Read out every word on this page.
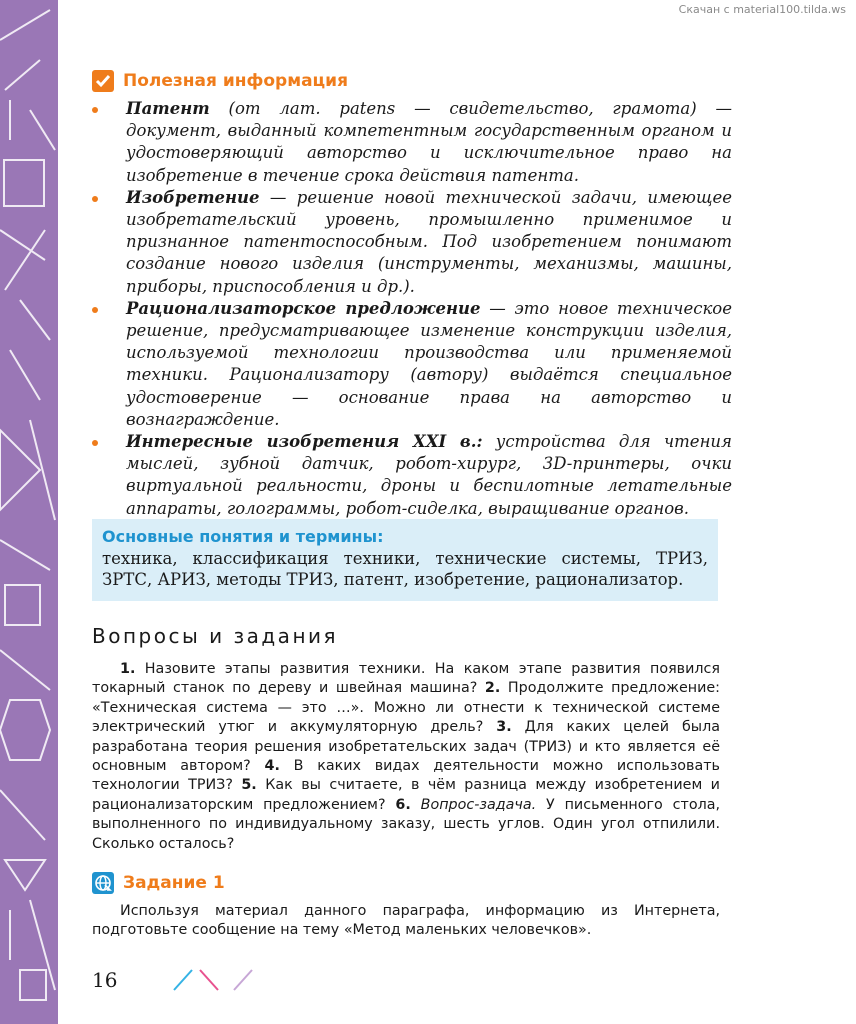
Скачан с material100.tilda.ws
Полезная информация
Патент (от лат. patens — свидетельство, грамота) — документ, выданный компетентным государственным органом и удостоверяющий авторство и исключительное право на изобретение в течение срока действия патента.
Изобретение — решение новой технической задачи, имеющее изобретательский уровень, промышленно применимое и признанное патентоспособным. Под изобретением понимают создание нового изделия (инструменты, механизмы, машины, приборы, приспособления и др.).
Рационализаторское предложение — это новое техническое решение, предусматривающее изменение конструкции изделия, используемой технологии производства или применяемой техники. Рационализатору (автору) выдаётся специальное удостоверение — основание права на авторство и вознаграждение.
Интересные изобретения XXI в.: устройства для чтения мыслей, зубной датчик, робот-хирург, 3D-принтеры, очки виртуальной реальности, дроны и беспилотные летательные аппараты, голограммы, робот-сиделка, выращивание органов.
Основные понятия и термины:
техника, классификация техники, технические системы, ТРИЗ, ЗРТС, АРИЗ, методы ТРИЗ, патент, изобретение, рационализатор.
Вопросы и задания

1. Назовите этапы развития техники. На каком этапе развития появился токарный станок по дереву и швейная машина? 2. Продолжите предложение: «Техническая система — это …». Можно ли отнести к технической системе электрический утюг и аккумуляторную дрель? 3. Для каких целей была разработана теория решения изобретательских задач (ТРИЗ) и кто является её основным автором? 4. В каких видах деятельности можно использовать технологии ТРИЗ? 5. Как вы считаете, в чём разница между изобретением и рационализаторским предложением? 6. Вопрос-задача. У письменного стола, выполненного по индивидуальному заказу, шесть углов. Один угол отпилили. Сколько осталось?

Задание 1

Используя материал данного параграфа, информацию из Интернета, подготовьте сообщение на тему «Метод маленьких человечков».

16
